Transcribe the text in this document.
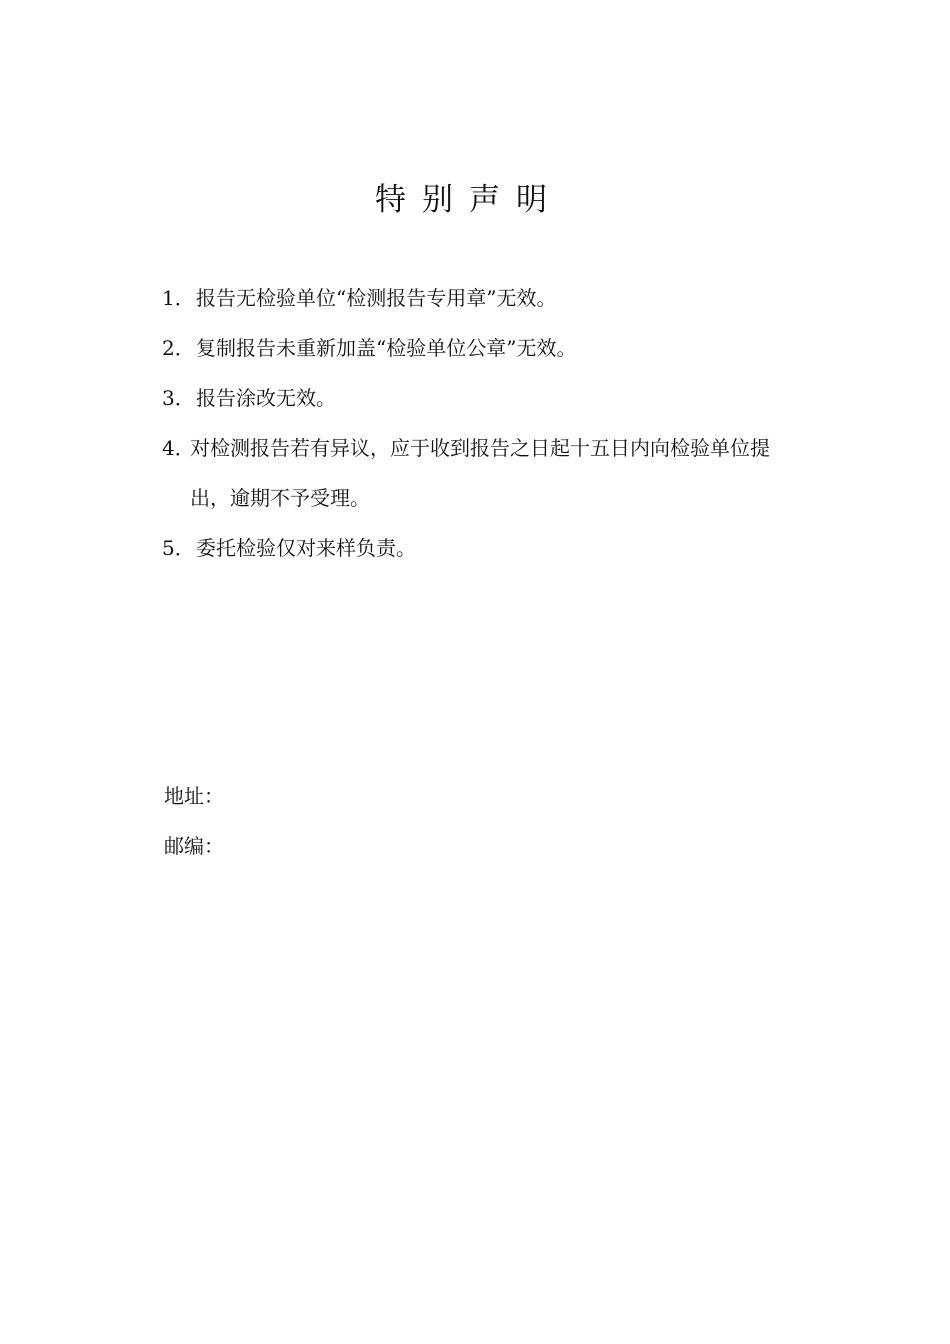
特别声明
1．报告无检验单位“检测报告专用章”无效。
2．复制报告未重新加盖“检验单位公章”无效。
3．报告涂改无效。
4．对检测报告若有异议，应于收到报告之日起十五日内向检验单位提
出，逾期不予受理。
5．委托检验仅对来样负责。
地址：
邮编：
